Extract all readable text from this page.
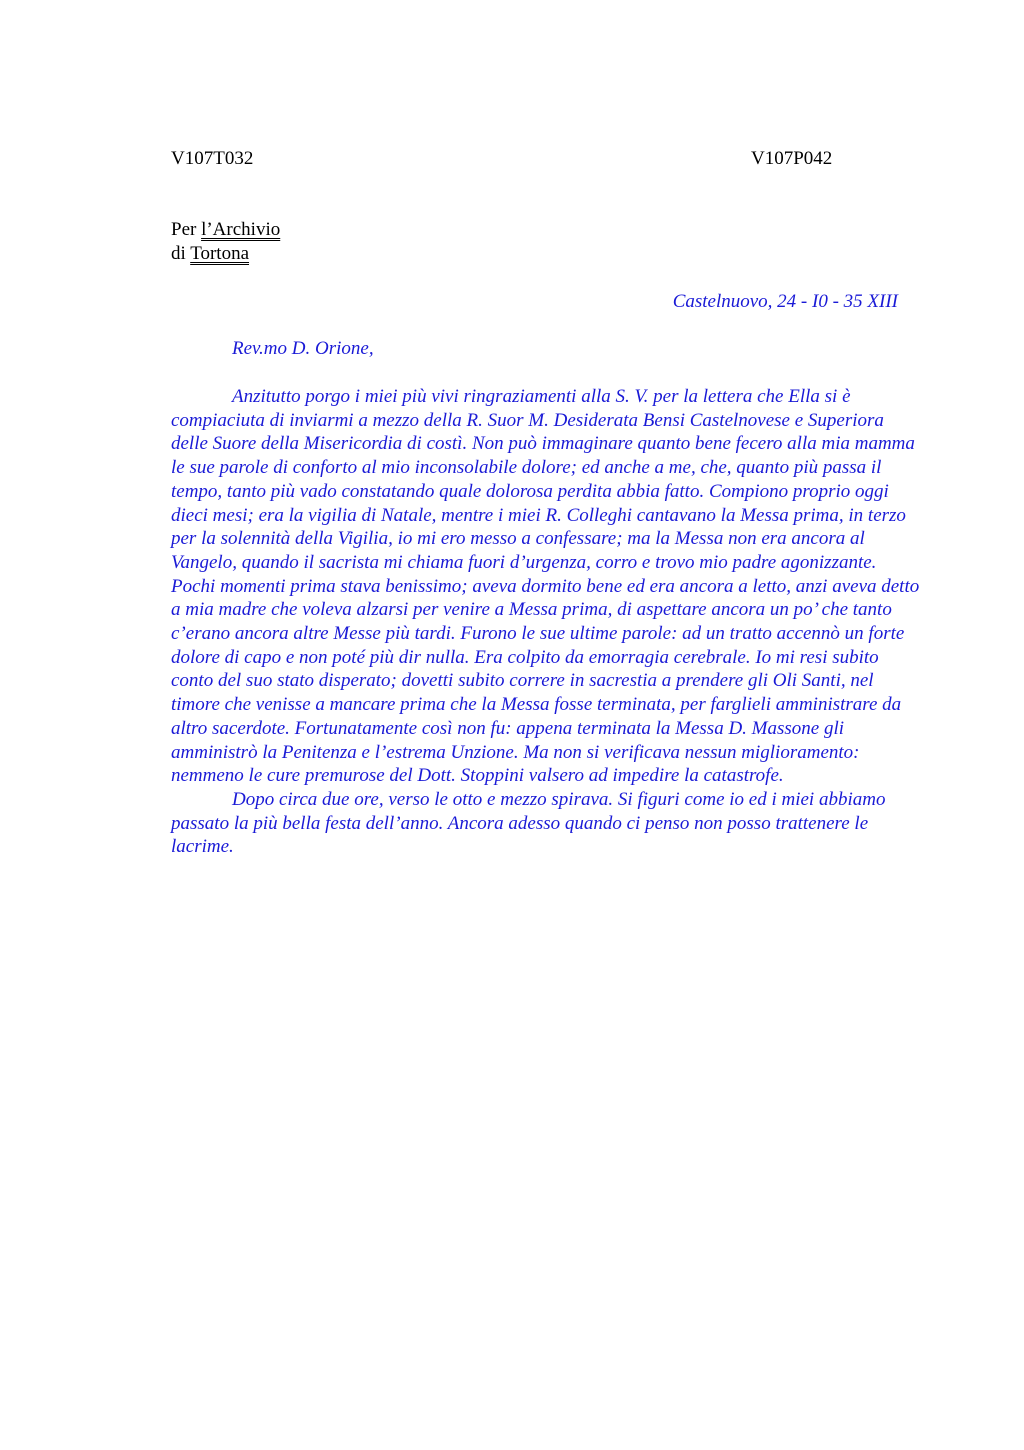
V107T032	V107P042
Per l’Archivio
di Tortona
Castelnuovo, 24 - I0 - 35 XIII
Rev.mo D. Orione,

Anzitutto porgo i miei più vivi ringraziamenti alla S. V. per la lettera che Ella si è compiaciuta di inviarmi a mezzo della R. Suor M. Desiderata Bensi Castelnovese e Superiora delle Suore della Misericordia di costì. Non può immaginare quanto bene fecero alla mia mamma le sue parole di conforto al mio inconsolabile dolore; ed anche a me, che, quanto più passa il tempo, tanto più vado constatando quale dolorosa perdita abbia fatto. Compiono proprio oggi dieci mesi; era la vigilia di Natale, mentre i miei R. Colleghi cantavano la Messa prima, in terzo per la solennità della Vigilia, io mi ero messo a confessare; ma la Messa non era ancora al Vangelo, quando il sacrista mi chiama fuori d’urgenza, corro e trovo mio padre agonizzante. Pochi momenti prima stava benissimo; aveva dormito bene ed era ancora a letto, anzi aveva detto a mia madre che voleva alzarsi per venire a Messa prima, di aspettare ancora un po’ che tanto c’erano ancora altre Messe più tardi. Furono le sue ultime parole: ad un tratto accennò un forte dolore di capo e non poté più dir nulla. Era colpito da emorragia cerebrale. Io mi resi subito conto del suo stato disperato; dovetti subito correre in sacrestia a prendere gli Oli Santi, nel timore che venisse a mancare prima che la Messa fosse terminata, per farglieli amministrare da altro sacerdote. Fortunatamente così non fu: appena terminata la Messa D. Massone gli amministrò la Penitenza e l’estrema Unzione. Ma non si verificava nessun miglioramento: nemmeno le cure premurose del Dott. Stoppini valsero ad impedire la catastrofe.

Dopo circa due ore, verso le otto e mezzo spirava. Si figuri come io ed i miei abbiamo passato la più bella festa dell’anno. Ancora adesso quando ci penso non posso trattenere le lacrime.
